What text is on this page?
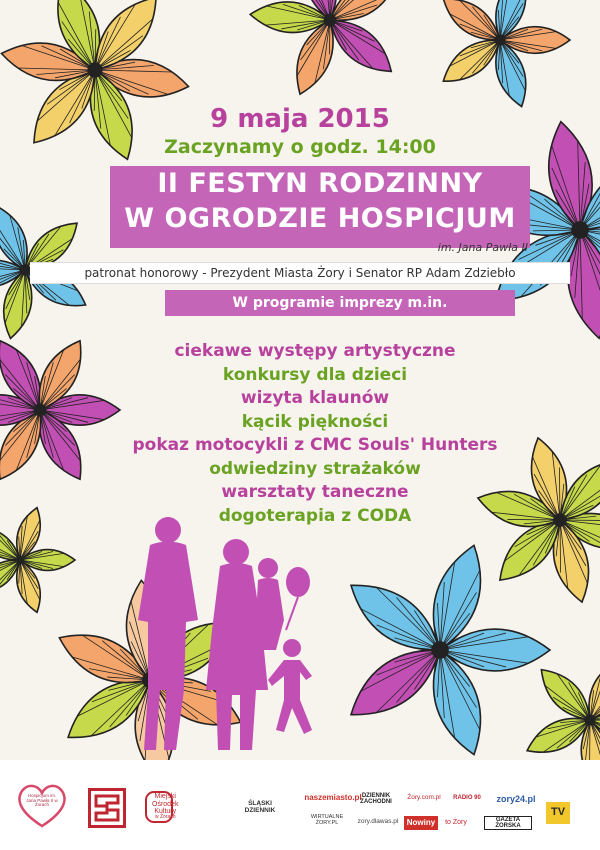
9 maja 2015
Zaczynamy o godz. 14:00
II FESTYN RODZINNY
W OGRODZIE HOSPICJUM
im. Jana Pawła II
patronat honorowy - Prezydent Miasta Żory i Senator RP Adam Zdziebło
W programie imprezy m.in.
ciekawe występy artystyczne
konkursy dla dzieci
wizyta klaunów
kącik piękności
pokaz motocykli z CMC Souls' Hunters
odwiedziny strażaków
warsztaty taneczne
dogoterapia z CODA
Hospicjum im. Jana Pawła II w Żorach
Miejski
Ośrodek
Kultury
w Żorach
ŚLĄSKI DZIENNIK
naszemiasto.pl
WIRTUALNE ŻORY.PL
DZIENNIK ZACHODNI
zory.dlawas.pl
Żory.com.pl
Nowiny
RADIO 90
to Żory
zory24.pl
GAZETA ŻORSKA
TV
